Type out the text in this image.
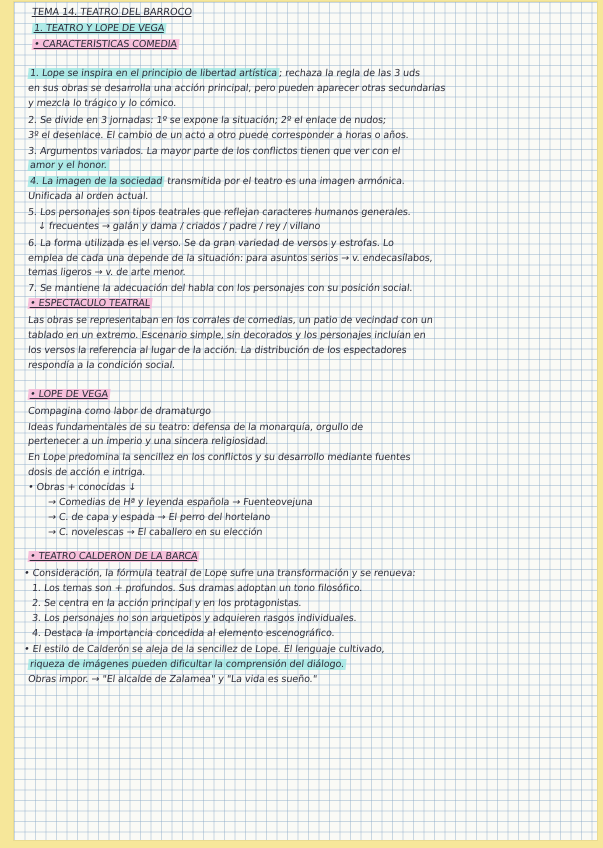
TEMA 14. TEATRO DEL BARROCO
1. TEATRO Y LOPE DE VEGA
• CARACTERÍSTICAS COMEDIA
1. Lope se inspira en el principio de libertad artística; rechaza la regla de las 3 uds
en sus obras se desarrolla una acción principal, pero pueden aparecer otras secundarias
y mezcla lo trágico y lo cómico.
2. Se divide en 3 jornadas: 1º se expone la situación; 2º el enlace de nudos;
3º el desenlace. El cambio de un acto a otro puede corresponder a horas o años.
3. Argumentos variados. La mayor parte de los conflictos tienen que ver con el
amor y el honor.
4. La imagen de la sociedad transmitida por el teatro es una imagen armónica.
Unificada al orden actual.
5. Los personajes son tipos teatrales que reflejan caracteres humanos generales.
↓ frecuentes → galán y dama / criados / padre / rey / villano
6. La forma utilizada es el verso. Se da gran variedad de versos y estrofas. Lo
emplea de cada una depende de la situación: para asuntos serios → v. endecasílabos,
temas ligeros → v. de arte menor.
7. Se mantiene la adecuación del habla con los personajes con su posición social.
• ESPECTÁCULO TEATRAL
Las obras se representaban en los corrales de comedias, un patio de vecindad con un
tablado en un extremo. Escenario simple, sin decorados y los personajes incluían en
los versos la referencia al lugar de la acción. La distribución de los espectadores
respondía a la condición social.
• LOPE DE VEGA
Compagina como labor de dramaturgo
Ideas fundamentales de su teatro: defensa de la monarquía, orgullo de
pertenecer a un imperio y una sincera religiosidad.
En Lope predomina la sencillez en los conflictos y su desarrollo mediante fuentes
dosis de acción e intriga.
• Obras + conocidas ↓
→ Comedias de Hª y leyenda española → Fuenteovejuna
→ C. de capa y espada → El perro del hortelano
→ C. novelescas → El caballero en su elección
• TEATRO CALDERÓN DE LA BARCA
• Consideración, la fórmula teatral de Lope sufre una transformación y se renueva:
1. Los temas son + profundos. Sus dramas adoptan un tono filosófico.
2. Se centra en la acción principal y en los protagonistas.
3. Los personajes no son arquetipos y adquieren rasgos individuales.
4. Destaca la importancia concedida al elemento escenográfico.
• El estilo de Calderón se aleja de la sencillez de Lope. El lenguaje cultivado,
riqueza de imágenes pueden dificultar la comprensión del diálogo.
Obras impor. → "El alcalde de Zalamea" y "La vida es sueño."
